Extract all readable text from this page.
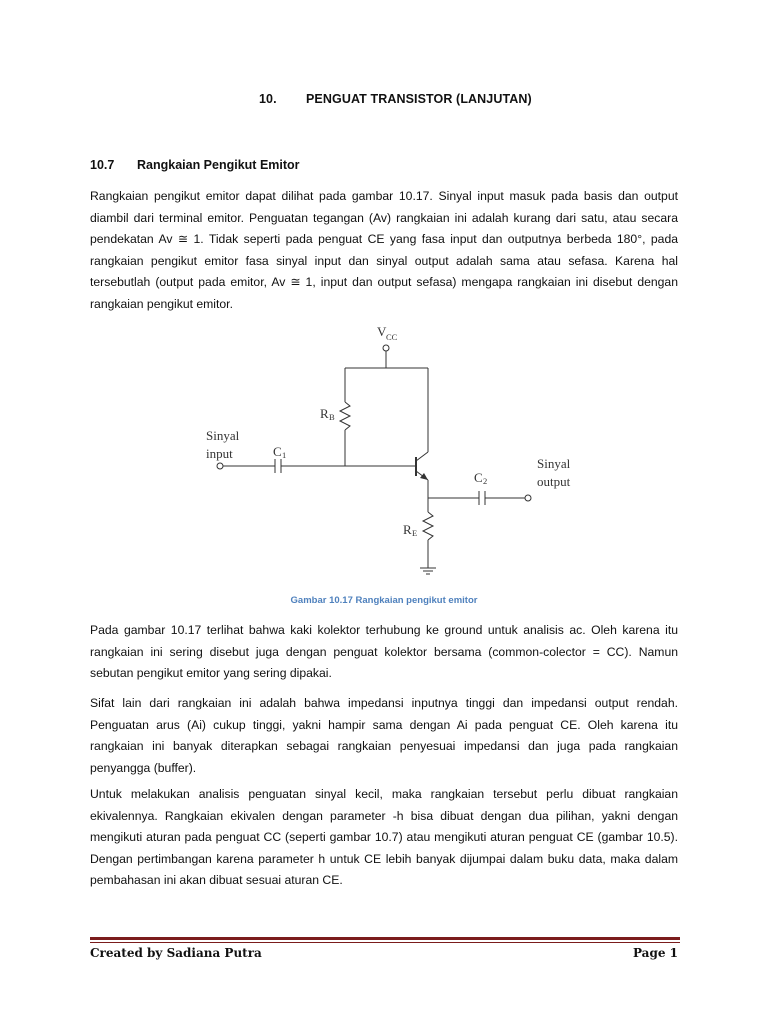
10. PENGUAT TRANSISTOR (LANJUTAN)
10.7 Rangkaian Pengikut Emitor

Rangkaian pengikut emitor dapat dilihat pada gambar 10.17. Sinyal input masuk pada basis dan output diambil dari terminal emitor. Penguatan tegangan (Av) rangkaian ini adalah kurang dari satu, atau secara pendekatan Av ≅ 1. Tidak seperti pada penguat CE yang fasa input dan outputnya berbeda 180°, pada rangkaian pengikut emitor fasa sinyal input dan sinyal output adalah sama atau sefasa. Karena hal tersebutlah (output pada emitor, Av ≅ 1, input dan output sefasa) mengapa rangkaian ini disebut dengan rangkaian pengikut emitor.

V CC
R B
R E
C 1
C 2
Sinyal
input
Sinyal
output
Gambar 10.17 Rangkaian pengikut emitor

Pada gambar 10.17 terlihat bahwa kaki kolektor terhubung ke ground untuk analisis ac. Oleh karena itu rangkaian ini sering disebut juga dengan penguat kolektor bersama (common-colector = CC). Namun sebutan pengikut emitor yang sering dipakai.

Sifat lain dari rangkaian ini adalah bahwa impedansi inputnya tinggi dan impedansi output rendah. Penguatan arus (Ai) cukup tinggi, yakni hampir sama dengan Ai pada penguat CE. Oleh karena itu rangkaian ini banyak diterapkan sebagai rangkaian penyesuai impedansi dan juga pada rangkaian penyangga (buffer).

Untuk melakukan analisis penguatan sinyal kecil, maka rangkaian tersebut perlu dibuat rangkaian ekivalennya. Rangkaian ekivalen dengan parameter -h bisa dibuat dengan dua pilihan, yakni dengan mengikuti aturan pada penguat CC (seperti gambar 10.7) atau mengikuti aturan penguat CE (gambar 10.5). Dengan pertimbangan karena parameter h untuk CE lebih banyak dijumpai dalam buku data, maka dalam pembahasan ini akan dibuat sesuai aturan CE.

Created by Sadiana Putra	Page 1
